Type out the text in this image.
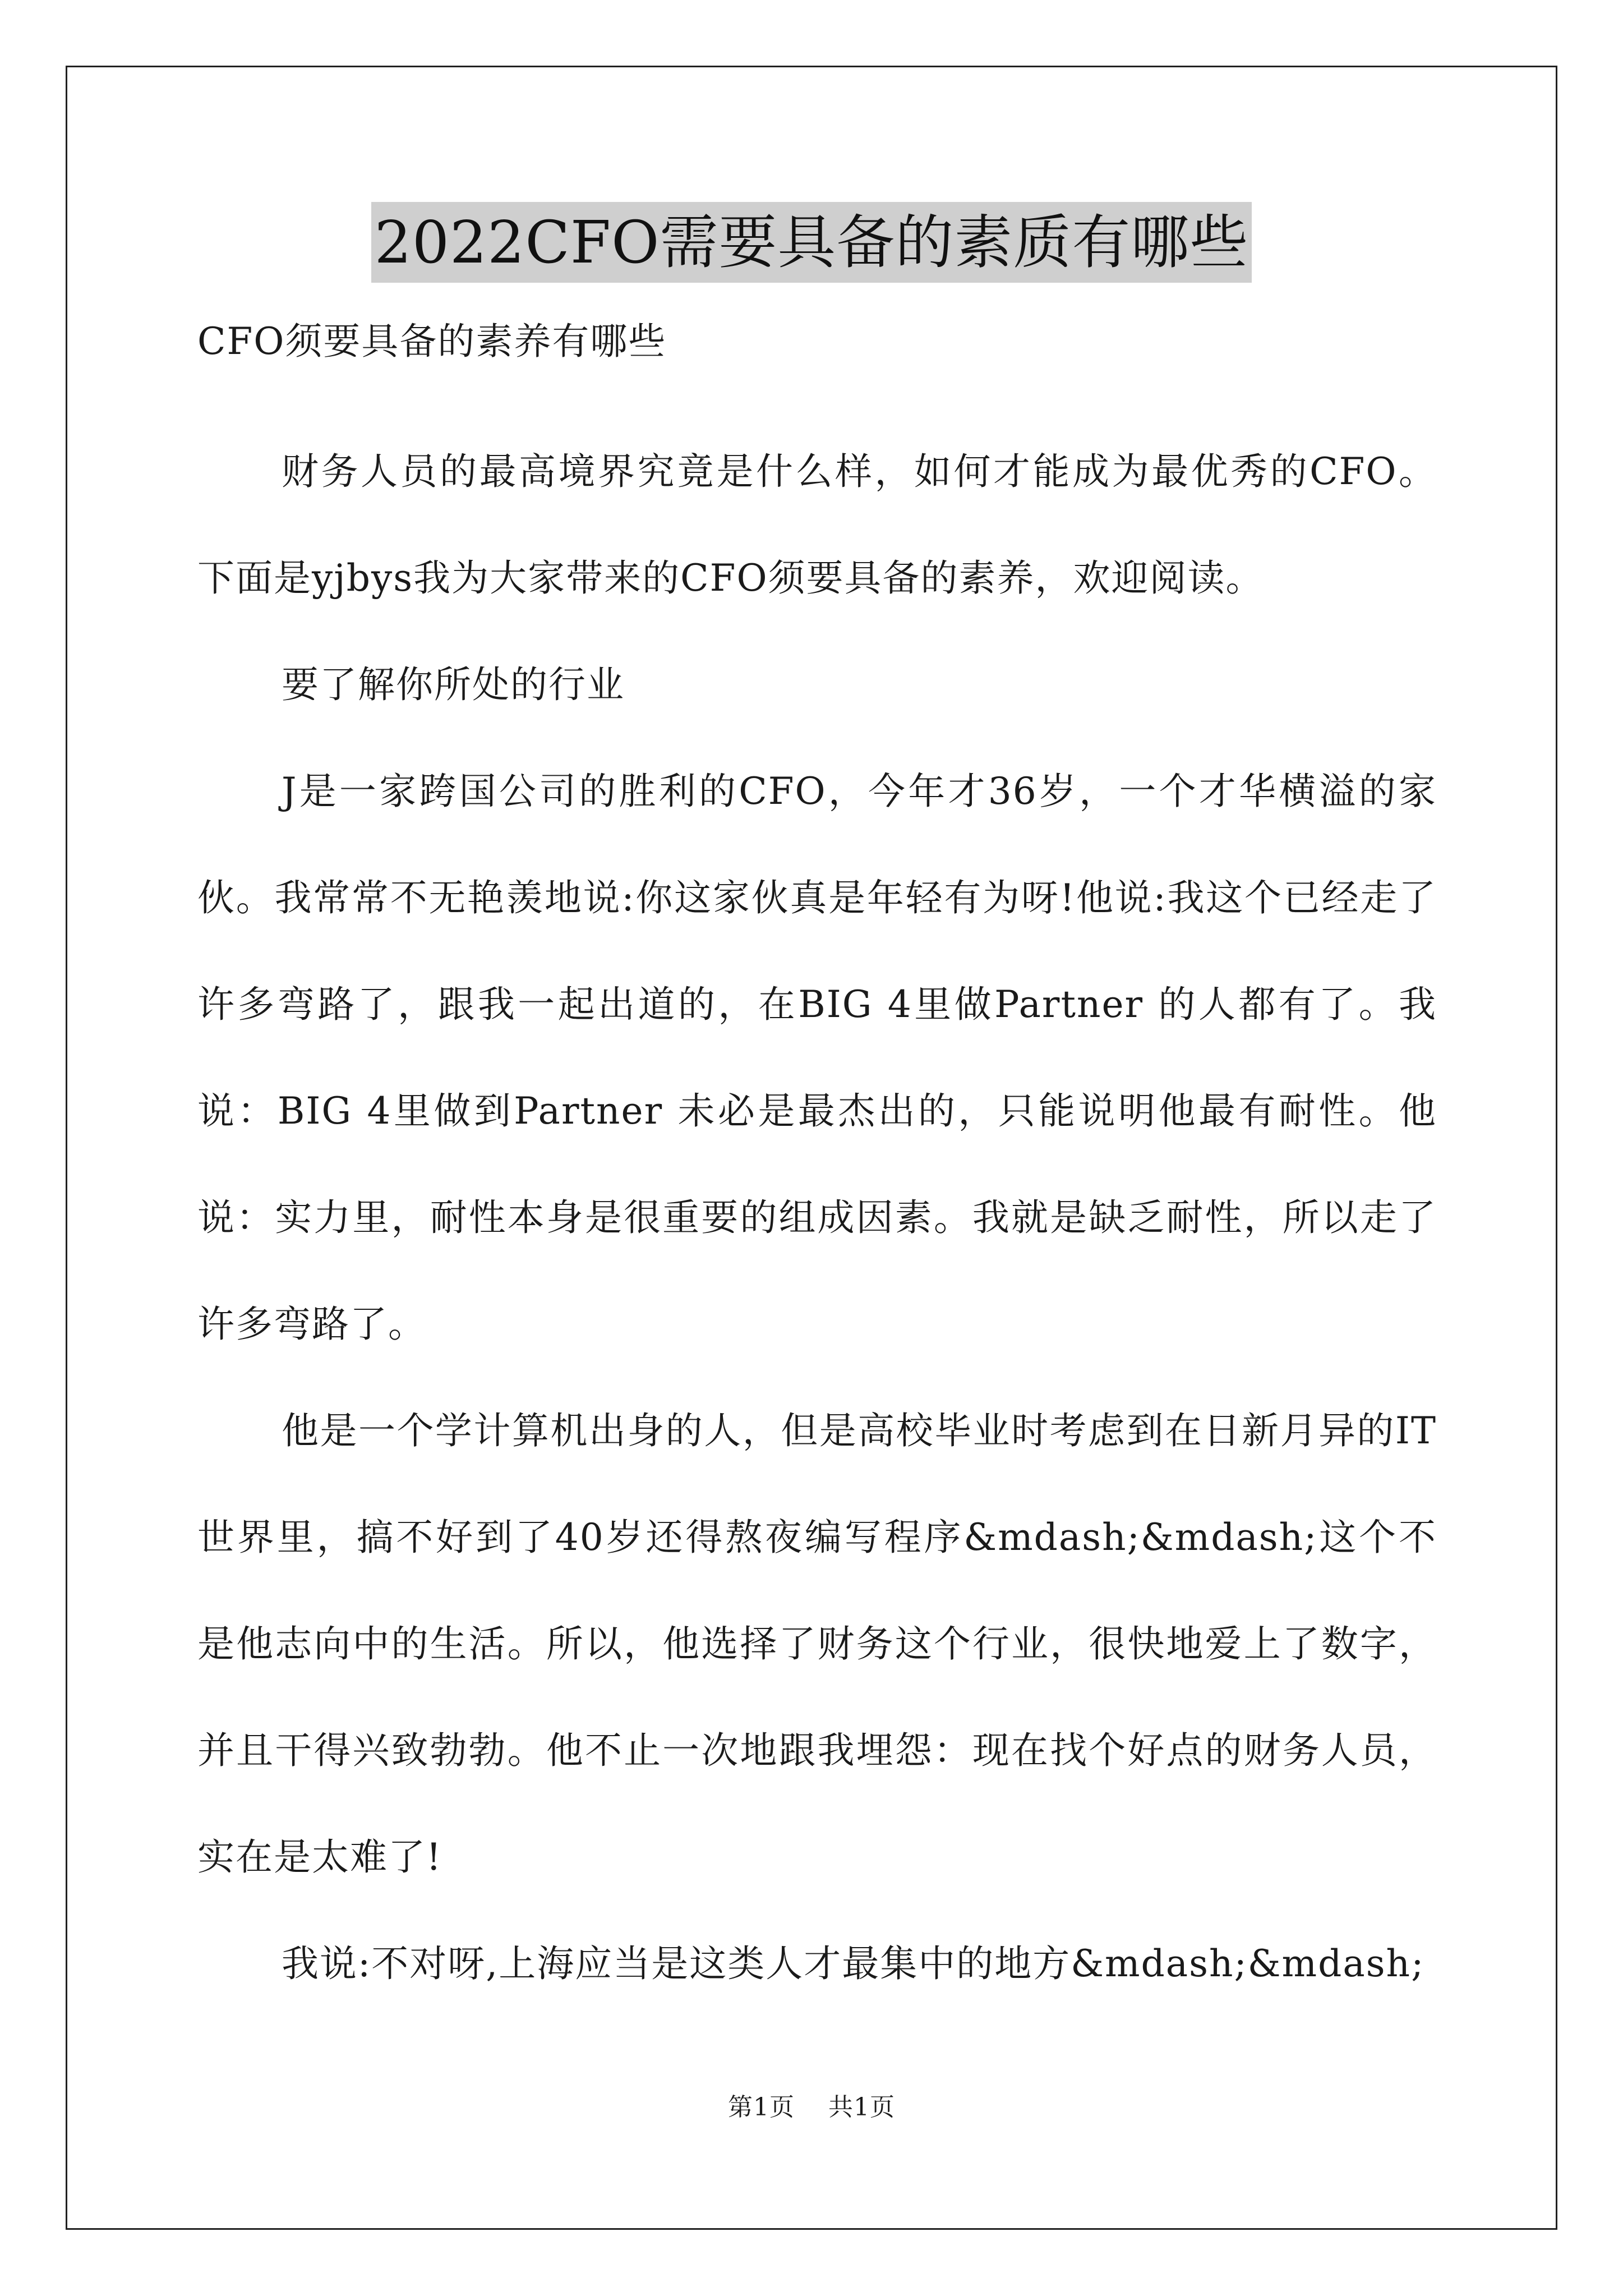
2022CFO需要具备的素质有哪些

CFO须要具备的素养有哪些

财务人员的最高境界究竟是什么样，如何才能成为最优秀的CFO。下面是yjbys我为大家带来的CFO须要具备的素养，欢迎阅读。

要了解你所处的行业

J是一家跨国公司的胜利的CFO，今年才36岁，一个才华横溢的家伙。我常常不无艳羡地说:你这家伙真是年轻有为呀!他说:我这个已经走了许多弯路了，跟我一起出道的，在BIG 4里做Partner 的人都有了。我说：BIG 4里做到Partner 未必是最杰出的，只能说明他最有耐性。他说：实力里，耐性本身是很重要的组成因素。我就是缺乏耐性，所以走了许多弯路了。

他是一个学计算机出身的人，但是高校毕业时考虑到在日新月异的IT世界里，搞不好到了40岁还得熬夜编写程序&mdash;&mdash;这个不是他志向中的生活。所以，他选择了财务这个行业，很快地爱上了数字，并且干得兴致勃勃。他不止一次地跟我埋怨：现在找个好点的财务人员，实在是太难了!

我说:不对呀,上海应当是这类人才最集中的地方&mdash;&mdash;

第1页 共1页
